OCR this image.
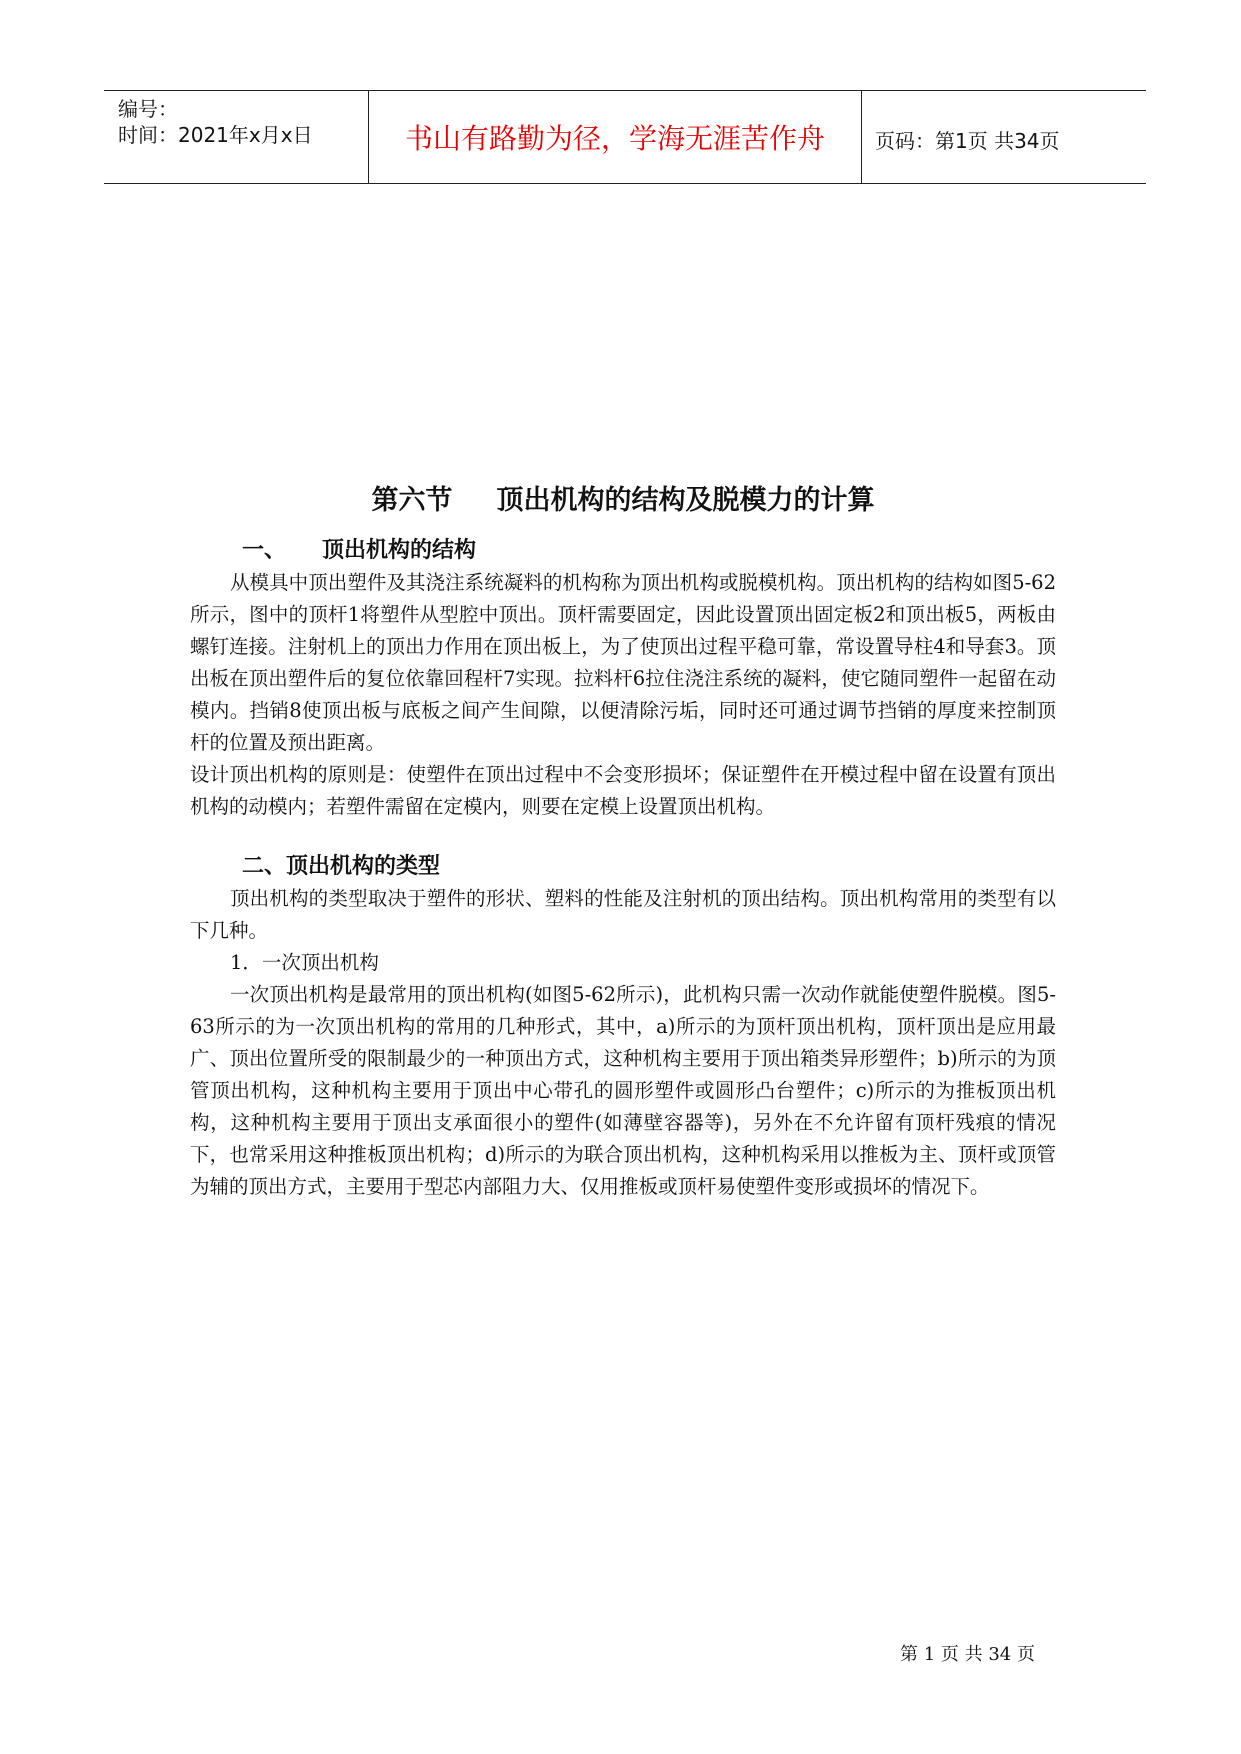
编号：
时间：2021年x月x日	书山有路勤为径，学海无涯苦作舟	页码：第1页 共34页
第六节 顶出机构的结构及脱模力的计算
一、 顶出机构的结构

从模具中顶出塑件及其浇注系统凝料的机构称为顶出机构或脱模机构。顶出机构的结构如图5-62所示，图中的顶杆1将塑件从型腔中顶出。顶杆需要固定，因此设置顶出固定板2和顶出板5，两板由螺钉连接。注射机上的顶出力作用在顶出板上，为了使顶出过程平稳可靠，常设置导柱4和导套3。顶出板在顶出塑件后的复位依靠回程杆7实现。拉料杆6拉住浇注系统的凝料，使它随同塑件一起留在动模内。挡销8使顶出板与底板之间产生间隙，以便清除污垢，同时还可通过调节挡销的厚度来控制顶杆的位置及预出距离。

设计顶出机构的原则是：使塑件在顶出过程中不会变形损坏；保证塑件在开模过程中留在设置有顶出机构的动模内；若塑件需留在定模内，则要在定模上设置顶出机构。

二、顶出机构的类型

顶出机构的类型取决于塑件的形状、塑料的性能及注射机的顶出结构。顶出机构常用的类型有以下几种。

1．一次顶出机构

一次顶出机构是最常用的顶出机构(如图5-62所示)，此机构只需一次动作就能使塑件脱模。图5-63所示的为一次顶出机构的常用的几种形式，其中，a)所示的为顶杆顶出机构，顶杆顶出是应用最广、顶出位置所受的限制最少的一种顶出方式，这种机构主要用于顶出箱类异形塑件；b)所示的为顶管顶出机构，这种机构主要用于顶出中心带孔的圆形塑件或圆形凸台塑件；c)所示的为推板顶出机构，这种机构主要用于顶出支承面很小的塑件(如薄壁容器等)，另外在不允许留有顶杆残痕的情况下，也常采用这种推板顶出机构；d)所示的为联合顶出机构，这种机构采用以推板为主、顶杆或顶管为辅的顶出方式，主要用于型芯内部阻力大、仅用推板或顶杆易使塑件变形或损坏的情况下。

第 1 页 共 34 页
